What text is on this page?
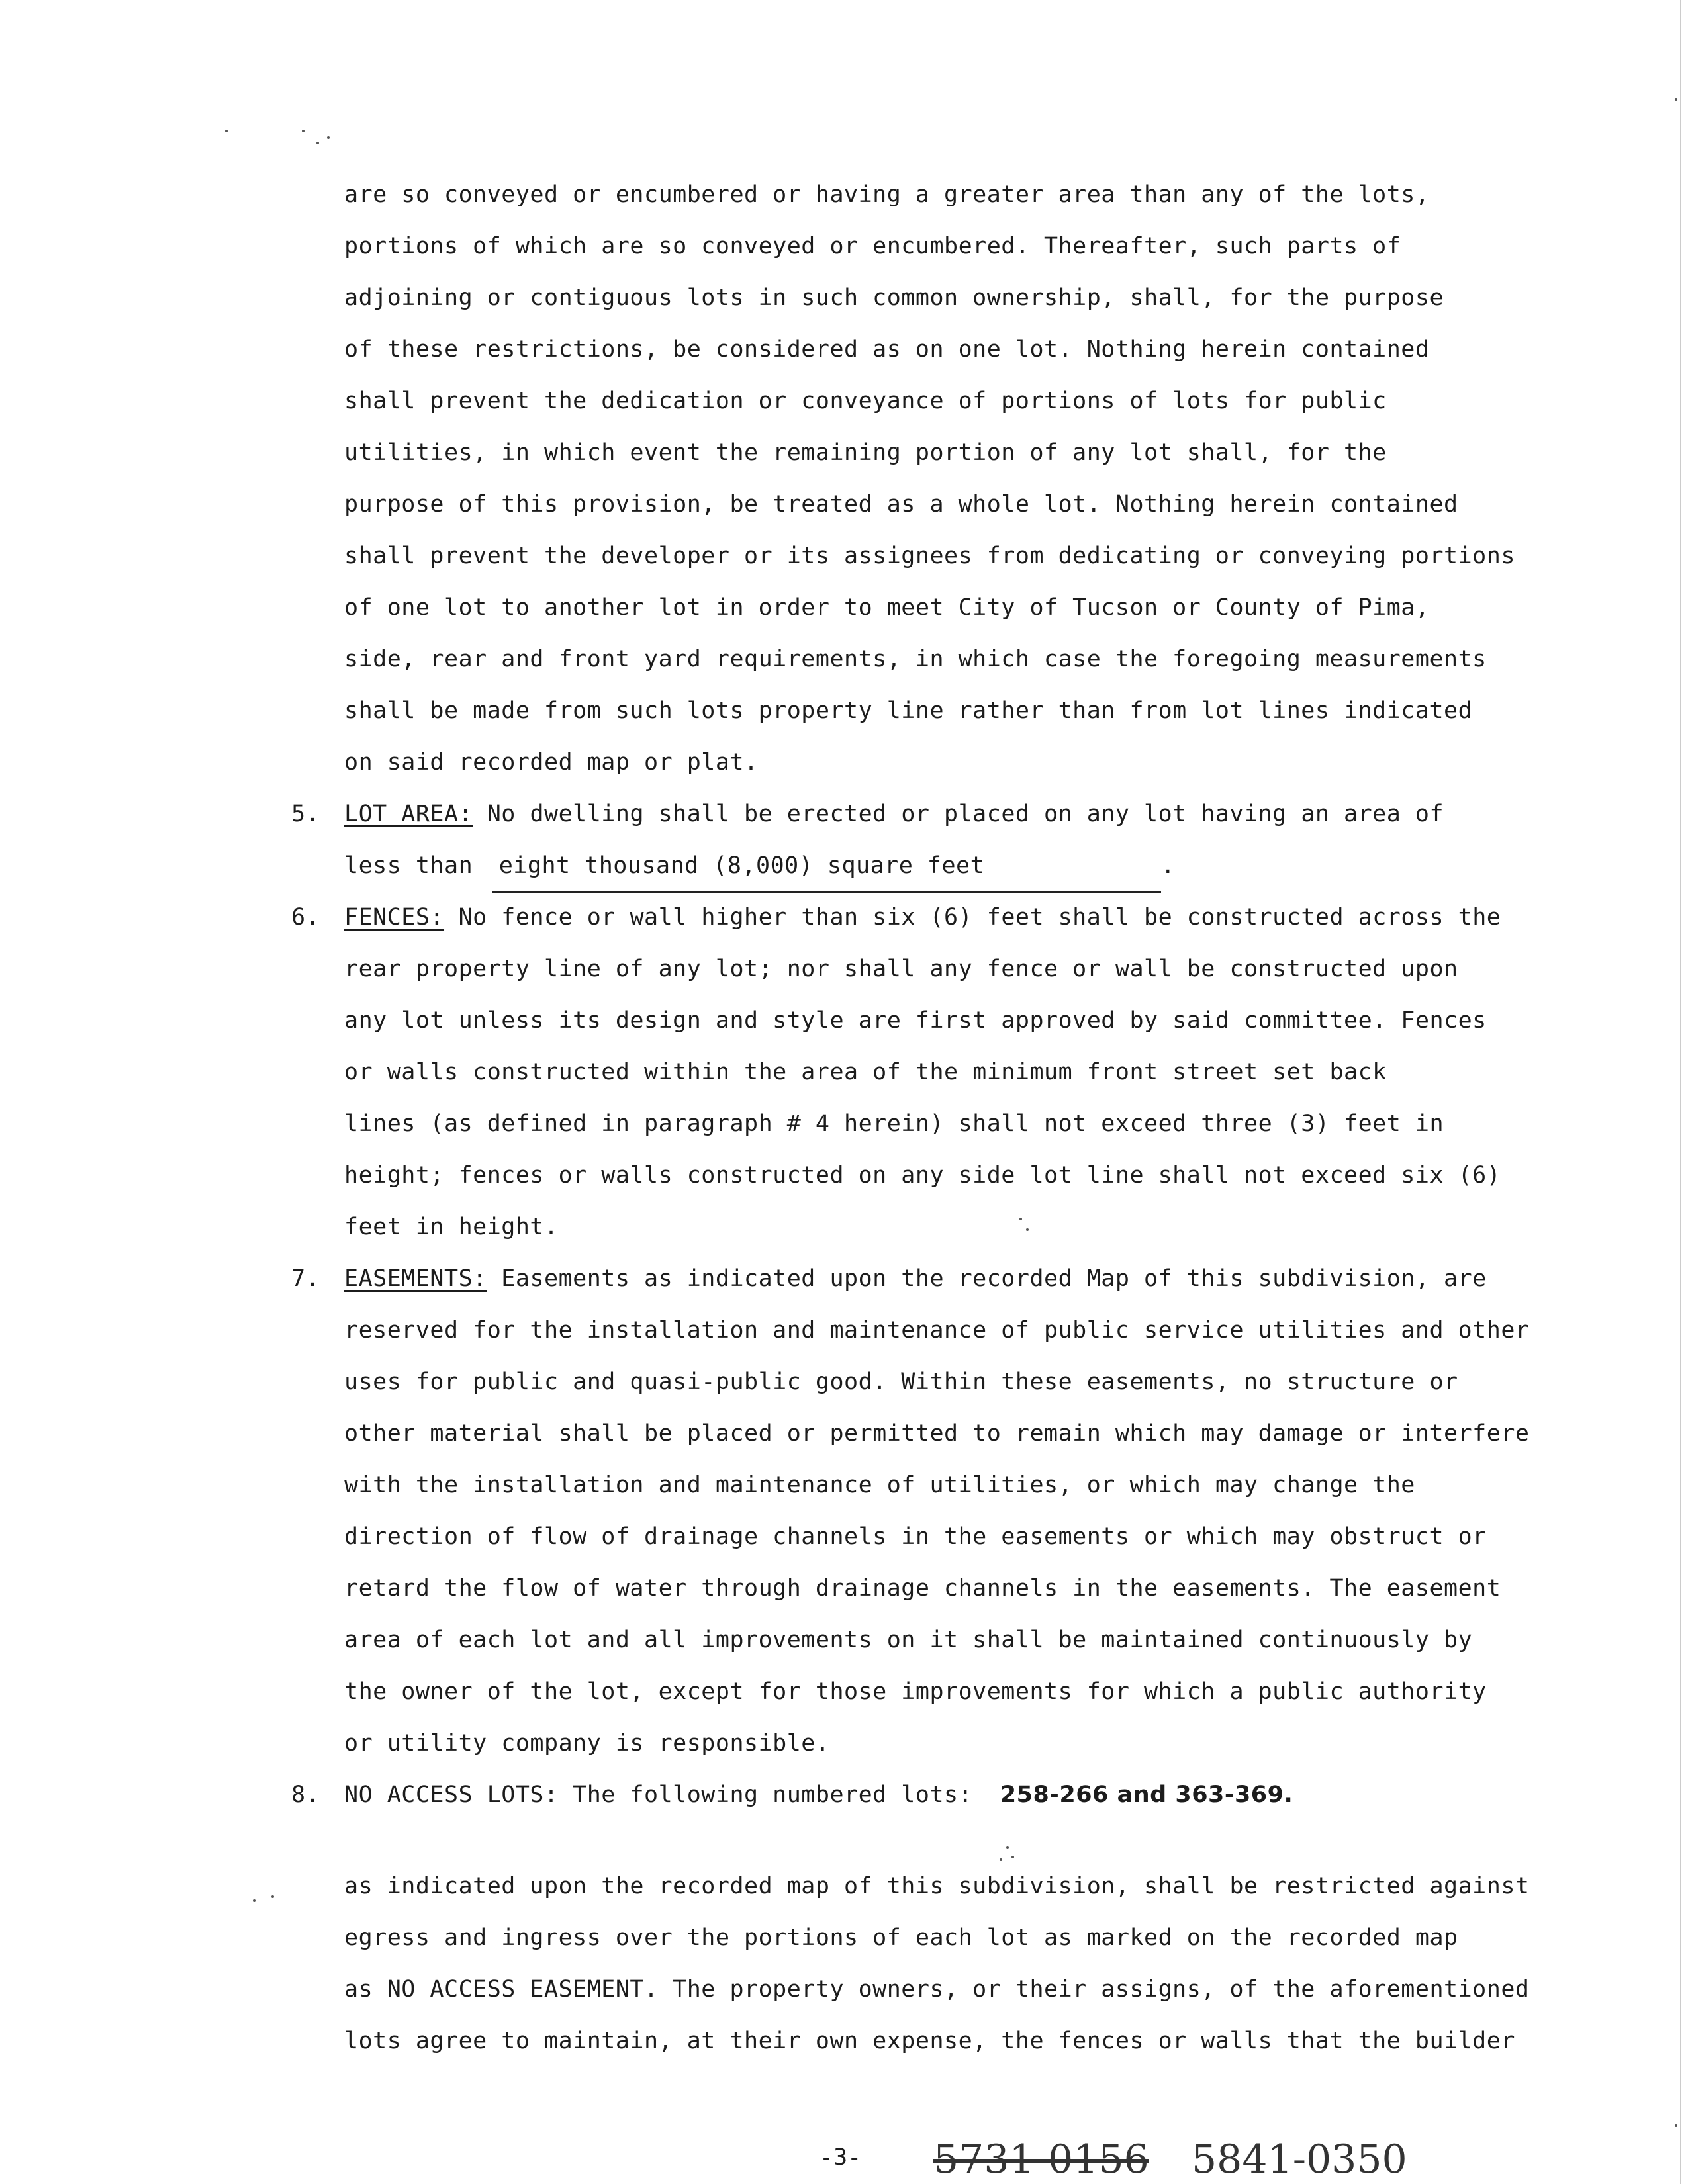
are so conveyed or encumbered or having a greater area than any of the lots,
portions of which are so conveyed or encumbered. Thereafter, such parts of
adjoining or contiguous lots in such common ownership, shall, for the purpose
of these restrictions, be considered as on one lot. Nothing herein contained
shall prevent the dedication or conveyance of portions of lots for public
utilities, in which event the remaining portion of any lot shall, for the
purpose of this provision, be treated as a whole lot. Nothing herein contained
shall prevent the developer or its assignees from dedicating or conveying portions
of one lot to another lot in order to meet City of Tucson or County of Pima,
side, rear and front yard requirements, in which case the foregoing measurements
shall be made from such lots property line rather than from lot lines indicated
on said recorded map or plat.
5.	LOT AREA: No dwelling shall be erected or placed on any lot having an area of
less than eight thousand (8,000) square feet	.
6.	FENCES: No fence or wall higher than six (6) feet shall be constructed across the
rear property line of any lot; nor shall any fence or wall be constructed upon
any lot unless its design and style are first approved by said committee. Fences
or walls constructed within the area of the minimum front street set back
lines (as defined in paragraph # 4 herein) shall not exceed three (3) feet in
height; fences or walls constructed on any side lot line shall not exceed six (6)
feet in height.
7.	EASEMENTS: Easements as indicated upon the recorded Map of this subdivision, are
reserved for the installation and maintenance of public service utilities and other
uses for public and quasi-public good. Within these easements, no structure or
other material shall be placed or permitted to remain which may damage or interfere
with the installation and maintenance of utilities, or which may change the
direction of flow of drainage channels in the easements or which may obstruct or
retard the flow of water through drainage channels in the easements. The easement
area of each lot and all improvements on it shall be maintained continuously by
the owner of the lot, except for those improvements for which a public authority
or utility company is responsible.
8.	NO ACCESS LOTS: The following numbered lots: 258-266 and 363-369.
as indicated upon the recorded map of this subdivision, shall be restricted against
egress and ingress over the portions of each lot as marked on the recorded map
as NO ACCESS EASEMENT. The property owners, or their assigns, of the aforementioned
lots agree to maintain, at their own expense, the fences or walls that the builder
-3- 5731-0156 5841-0350
